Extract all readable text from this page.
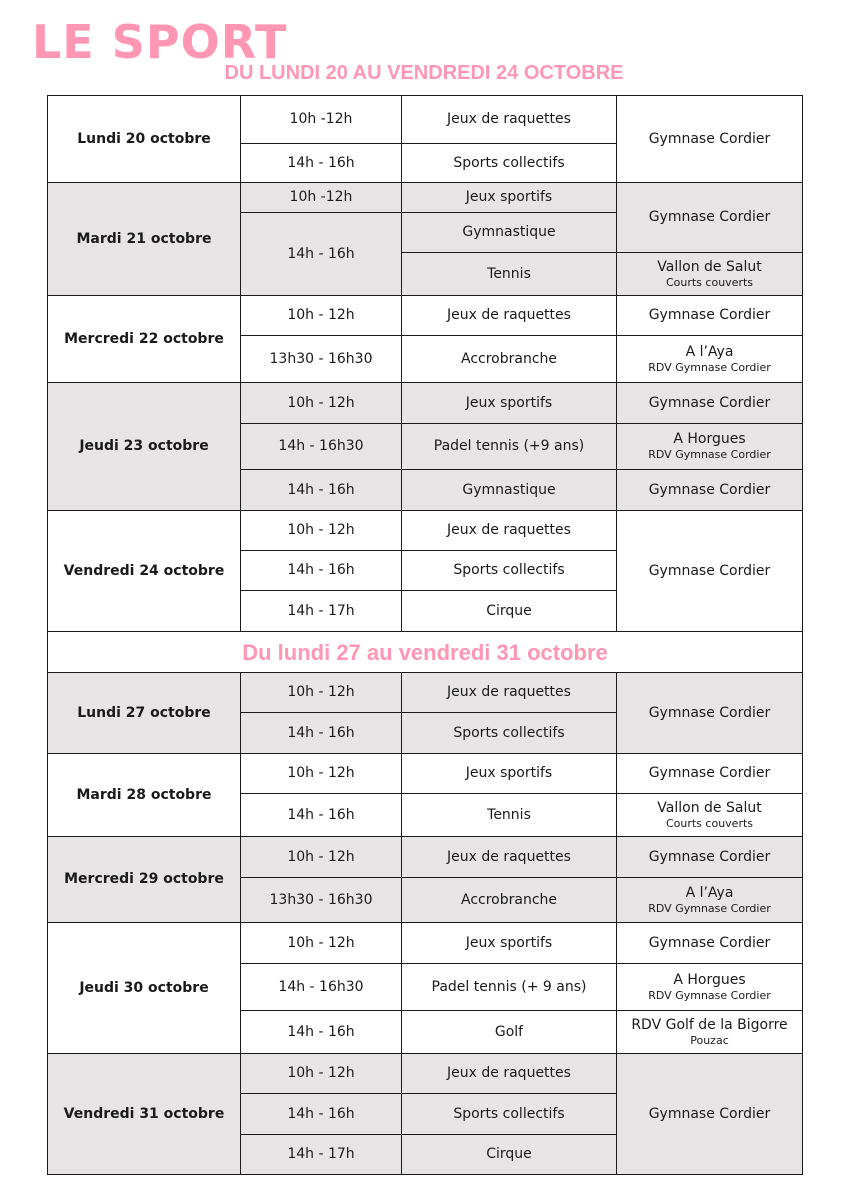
LE SPORT
DU LUNDI 20 AU VENDREDI 24 OCTOBRE
Lundi 20 octobre	10h -12h	Jeux de raquettes	Gymnase Cordier
	14h - 16h	Sports collectifs	
Mardi 21 octobre	10h -12h	Jeux sportifs	Gymnase Cordier
	14h - 16h	Gymnastique	
		Tennis	Vallon de Salut
Courts couverts

Mercredi 22 octobre	10h - 12h	Jeux de raquettes	Gymnase Cordier
	13h30 - 16h30	Accrobranche	A l’Aya
RDV Gymnase Cordier

Jeudi 23 octobre	10h - 12h	Jeux sportifs	Gymnase Cordier
	14h - 16h30	Padel tennis (+9 ans)	A Horgues
RDV Gymnase Cordier

	14h - 16h	Gymnastique	Gymnase Cordier
Vendredi 24 octobre	10h - 12h	Jeux de raquettes	Gymnase Cordier
	14h - 16h	Sports collectifs	
	14h - 17h	Cirque	
Du lundi 27 au vendredi 31 octobre			
Lundi 27 octobre	10h - 12h	Jeux de raquettes	Gymnase Cordier
	14h - 16h	Sports collectifs	
Mardi 28 octobre	10h - 12h	Jeux sportifs	Gymnase Cordier
	14h - 16h	Tennis	Vallon de Salut
Courts couverts

Mercredi 29 octobre	10h - 12h	Jeux de raquettes	Gymnase Cordier
	13h30 - 16h30	Accrobranche	A l’Aya
RDV Gymnase Cordier

Jeudi 30 octobre	10h - 12h	Jeux sportifs	Gymnase Cordier
	14h - 16h30	Padel tennis (+ 9 ans)	A Horgues
RDV Gymnase Cordier

	14h - 16h	Golf	RDV Golf de la Bigorre
Pouzac

Vendredi 31 octobre	10h - 12h	Jeux de raquettes	Gymnase Cordier
	14h - 16h	Sports collectifs	
	14h - 17h	Cirque	
